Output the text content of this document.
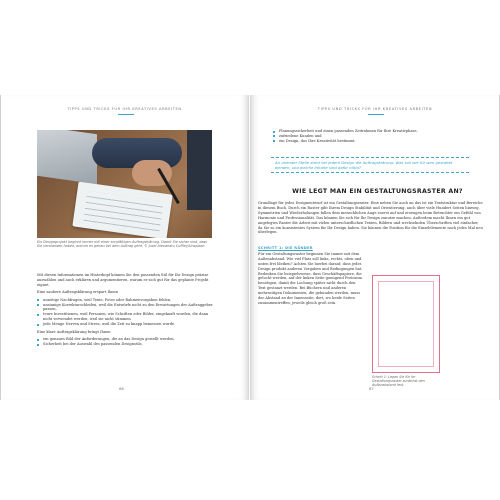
TIPPS UND TRICKS FÜR IHR KREATIVES ARBEITEN
Ein Designprojekt beginnt immer mit einer sorgfältigen Auftragsklärung. Damit Sie sicher sind, dass Sie verstanden haben, worum es genau bei dem Auftrag geht. © Josel Alexandru Cuffley/Unsplash

Mit diesen Informationen im Hinterkopf können Sie den passenden Stil für Ihr Design präzise auswählen und auch erklären und argumentieren, warum er sich gut für das geplante Projekt eignet.

Eine saubere Auftragsklärung erspart Ihnen

unnötige Nachfragen, weil Texte, Fotos oder Rahmenvorgaben fehlen,
unsinnige Korrekturschleifen, weil die Entwürfe nicht zu den Erwartungen der Auftraggeber passen,
teure Investitionen, weil Personen, wie Schriften oder Bilder, eingekauft wurden, die dann nicht verwendet werden, weil sie nicht stimmen
jede Menge Nerven und Stress, weil die Zeit zu knapp bemessen wurde.

Eine klare Auftragsklärung bringt Ihnen

ein genaues Bild der Anforderungen, die an das Design gestellt werden,
Sicherheit bei der Auswahl des passenden Designstils,
66
TIPPS UND TRICKS FÜR IHR KREATIVES ARBEITEN
Planungssicherheit und einen passenden Zeitrahmen für Ihre Kreativphase,
zufriedene Kunden und
ein Design, das Ihre Kreativität bestimmt.

Grundlage für jedes Designentwurf ist ein Gestaltungsraster. Eine neben Sie auch an das ist ein Textstruktur und Bereiche in diesem Buch. Durch ein Raster gibt Ihrem Design Stabilität und Orientierung, auch über viele Hundert Seiten hinweg. Symmetrien und Wiederholungen fallen dem menschlichen Auge zuerst auf und erzeugen beim Betrachter ein Gefühl von Harmonie und Professionalität. Das können Sie sich für Ihr Design zunutze machen. Außerdem macht Ihnen ein gut angelegtes Raster die Arbeit mit vielen unterschiedlichen Texten, Bildern und wechselnden Überschriften viel einfacher, da Sie so ein konsistentes System für Ihr Design haben. Sie können die Position für die Einzelelemente nach jedes Mal neu überlegen.

SCHRITT 1: DIE RÄNDER

Für ein Gestaltungsraster beginnen Sie immer mit dem Außenabstand. Wie viel Platz soll links, rechts, oben und unten frei bleiben? Achten Sie hierbei darauf, dass jedes Design produkt anderen Vorgaben und Bedingungen hat. Bedenken Sie beispielsweise, dass Geschäftspapiere, die gelocht werden, auf der linken Seite genügend Freiraum benötigen, damit die Lochung später nicht durch den Text gestanzt werden. Bei Büchern und anderen mehrseitigen Dokumenten, die gebunden werden, muss der Abstand an der Innenseite, dort, wo beide Seiten zusammentreffen, jeweils gleich groß sein.

67
An oberster Stelle steht bei jedem Design die Auftragsklärung: Was soll wie für wen gestaltet werden, und welche Inhalte sind dafür nötig?
WIE LEGT MAN EIN GESTALTUNGSRASTER AN?
Schritt 1: Legen Sie für Ihr Gestaltungsraster zunächst den Außenabstand fest.
